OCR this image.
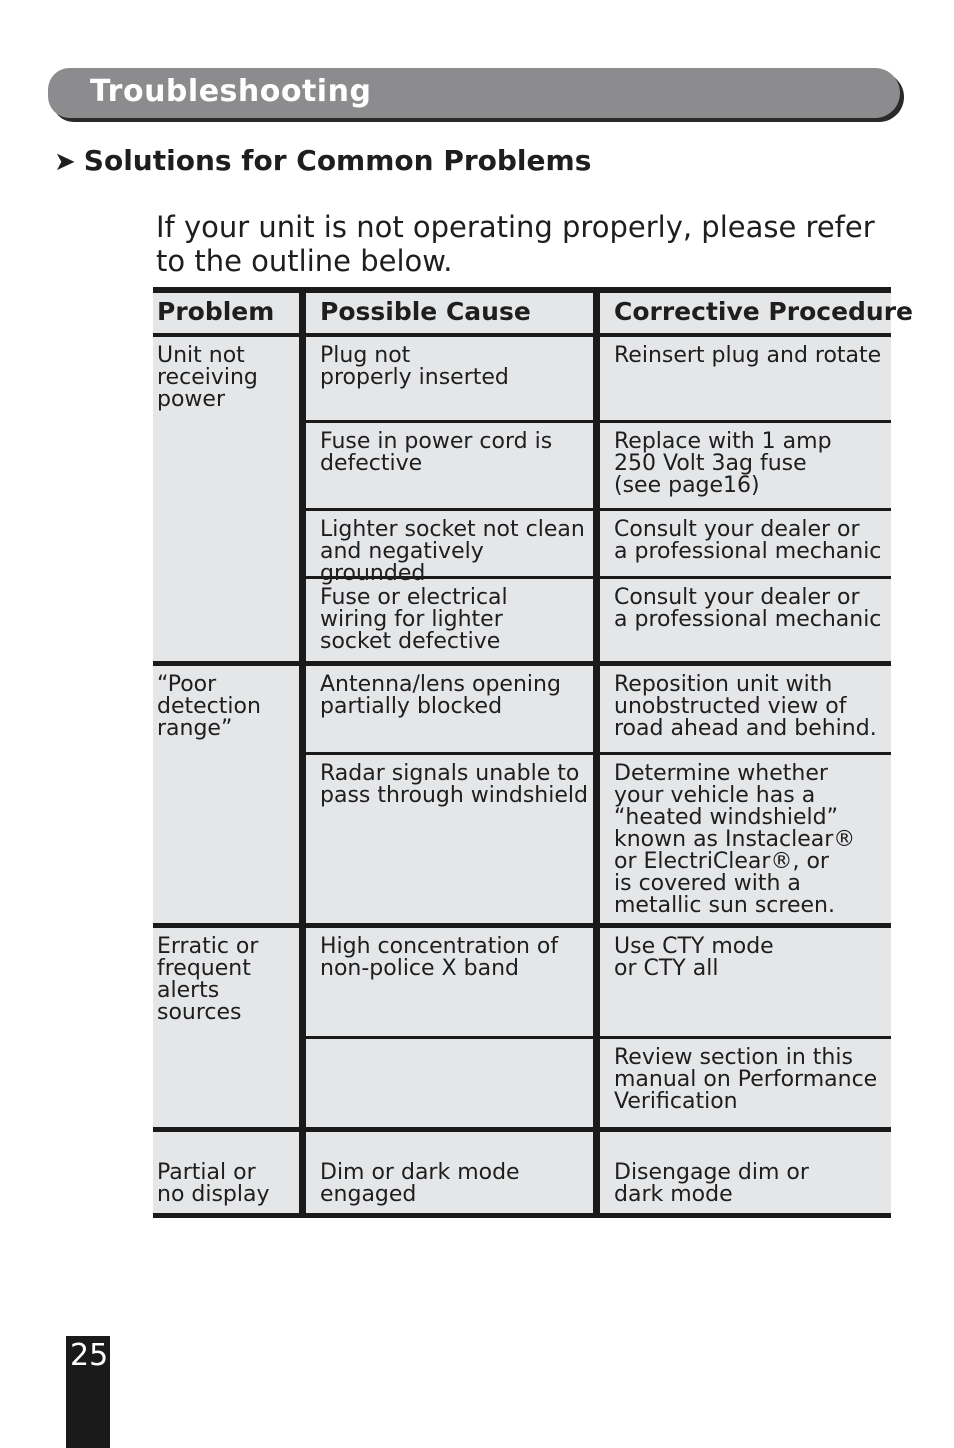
Troubleshooting
➤ Solutions for Common Problems
If your unit is not operating properly, please refer to the outline below.
Problem Possible Cause	Corrective Procedure
Unit not
receiving
power
Plug not
properly inserted
Reinsert plug and rotate
Fuse in power cord is
defective
Replace with 1 amp
250 Volt 3ag fuse
(see page16)
Lighter socket not clean
and negatively grounded
Consult your dealer or
a professional mechanic
Fuse or electrical
wiring for lighter
socket defective
Consult your dealer or
a professional mechanic
“Poor
detection
range”
Antenna/lens opening
partially blocked
Reposition unit with
unobstructed view of
road ahead and behind.
Radar signals unable to
pass through windshield
Determine whether
your vehicle has a
“heated windshield”
known as Instaclear®
or ElectriClear®, or
is covered with a
metallic sun screen.
Erratic or
frequent
alerts
sources
High concentration of
non-police X band
Use CTY mode
or CTY all
Review section in this
manual on Performance
Verification
Partial or
no display
Dim or dark mode
engaged
Disengage dim or
dark mode
25
